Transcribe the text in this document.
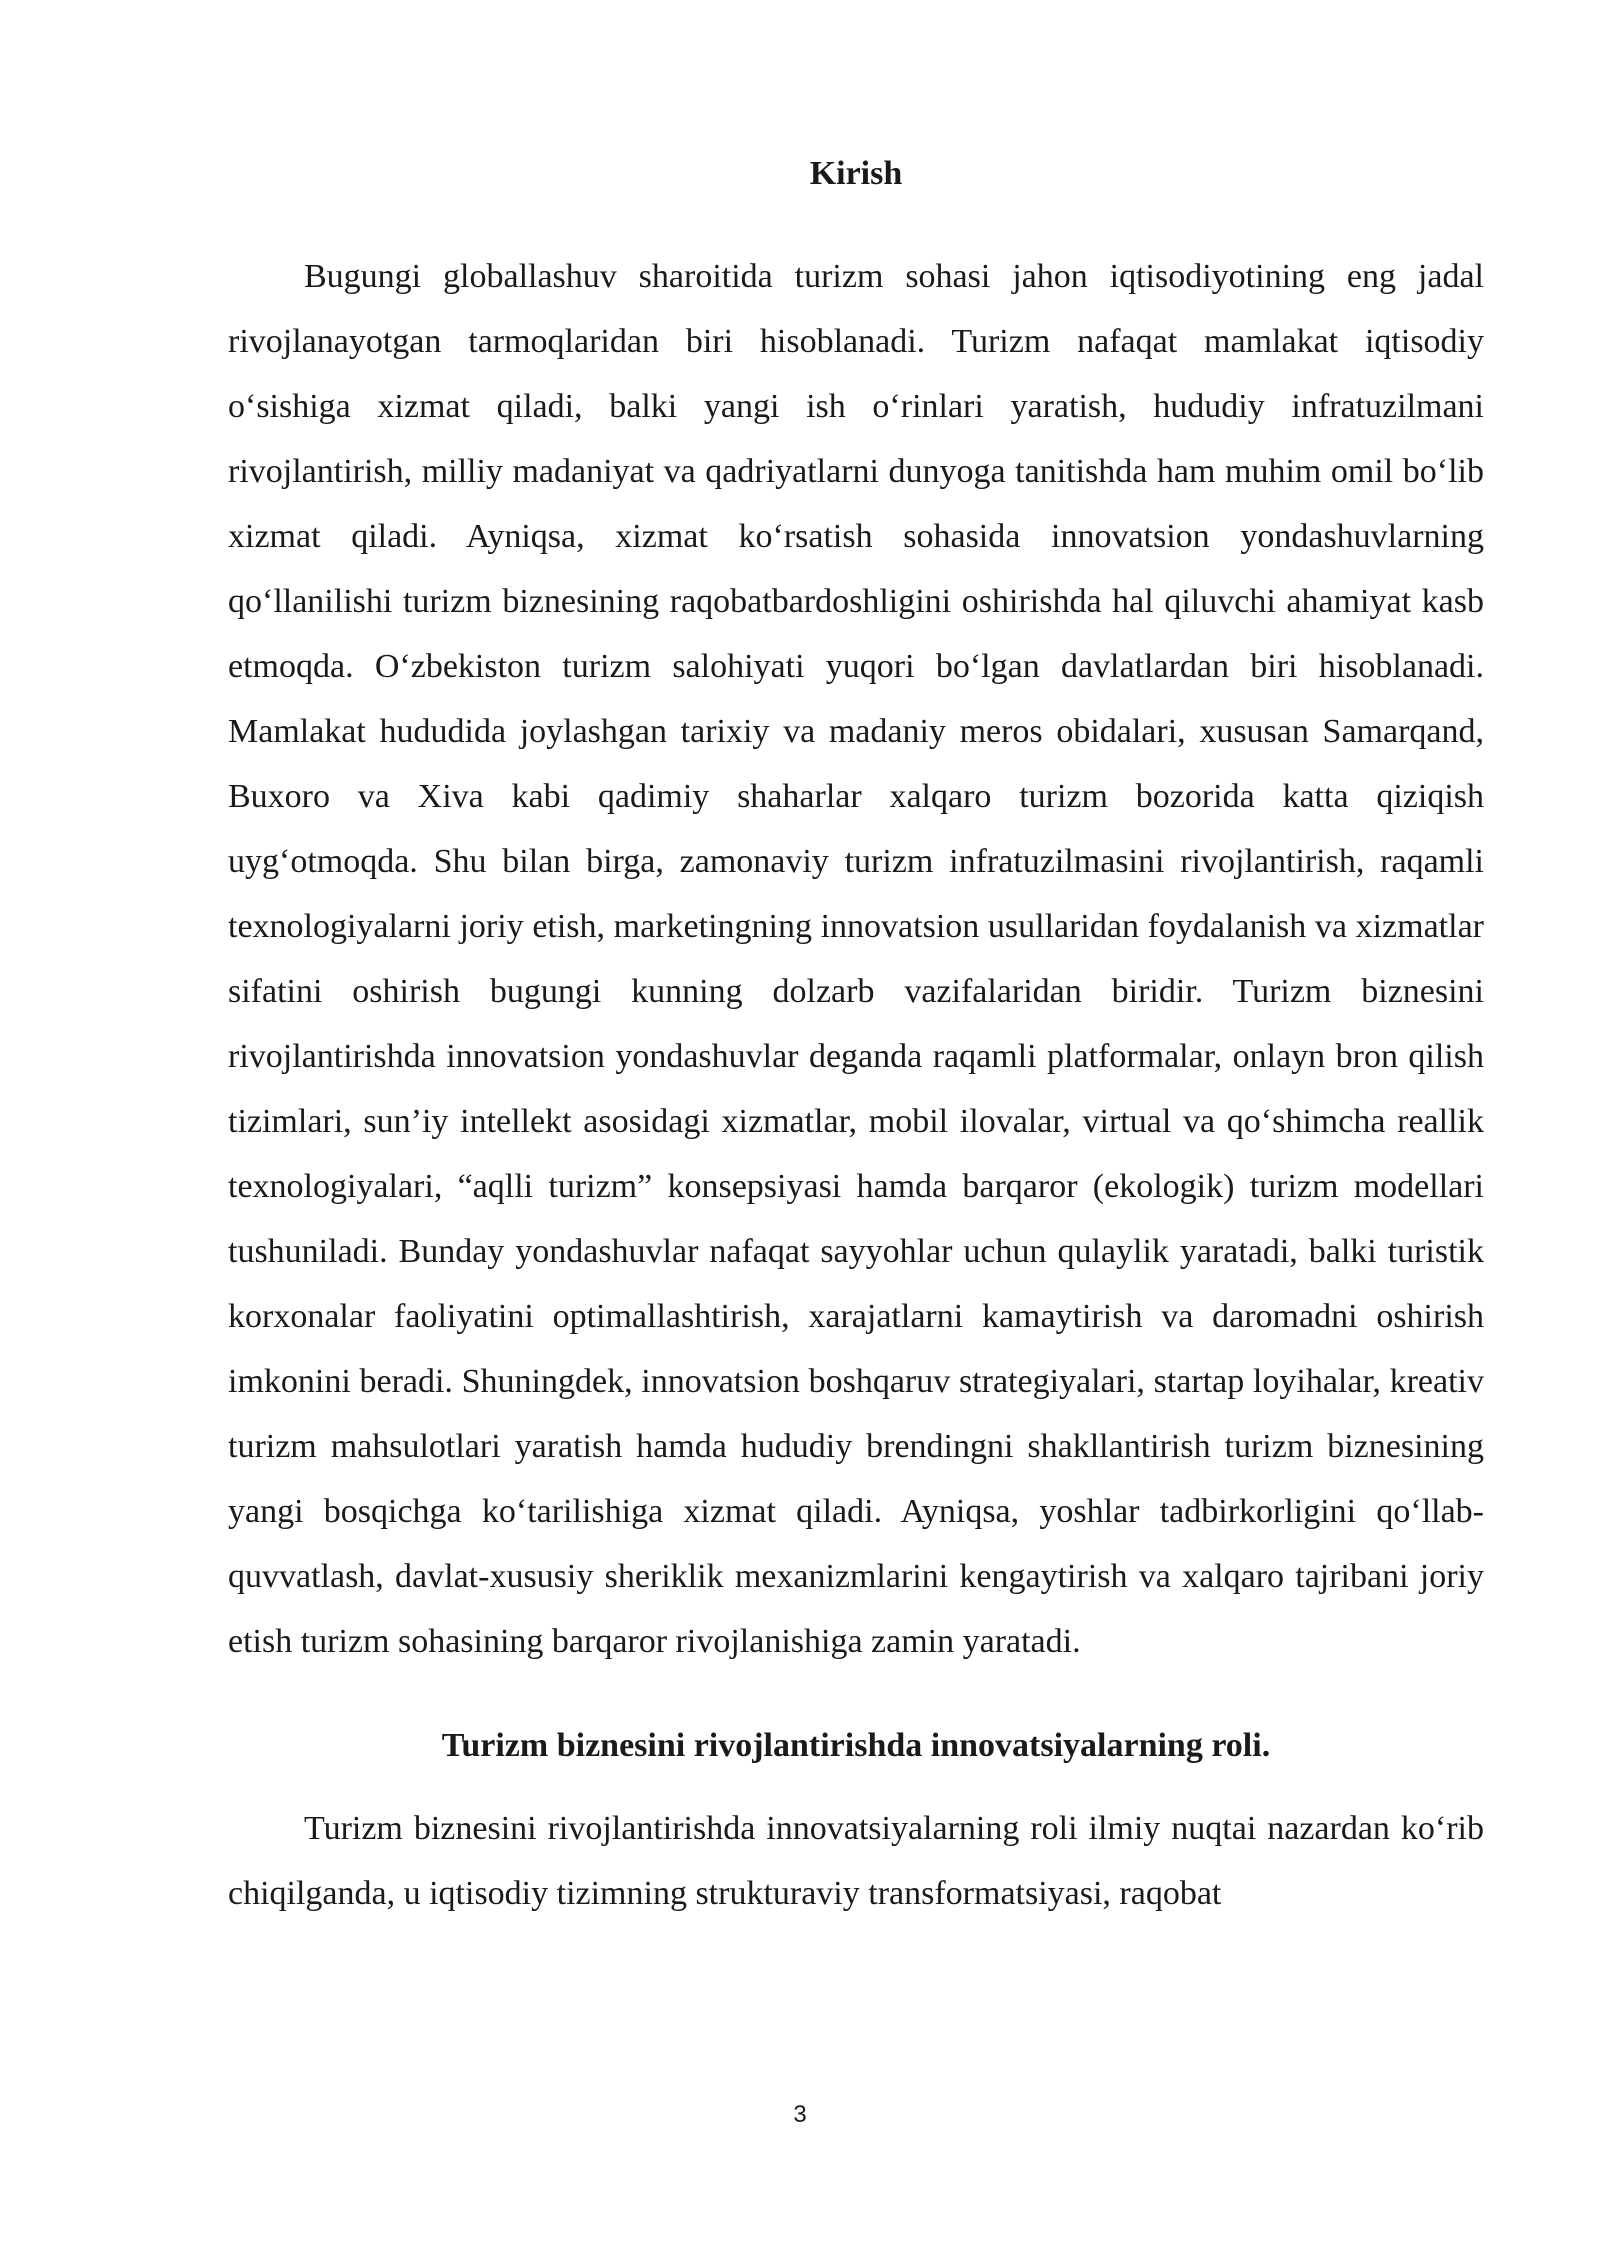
Kirish

Bugungi globallashuv sharoitida turizm sohasi jahon iqtisodiyotining eng jadal rivojlanayotgan tarmoqlaridan biri hisoblanadi. Turizm nafaqat mamlakat iqtisodiy o‘sishiga xizmat qiladi, balki yangi ish o‘rinlari yaratish, hududiy infratuzilmani rivojlantirish, milliy madaniyat va qadriyatlarni dunyoga tanitishda ham muhim omil bo‘lib xizmat qiladi. Ayniqsa, xizmat ko‘rsatish sohasida innovatsion yondashuvlarning qo‘llanilishi turizm biznesining raqobatbardoshligini oshirishda hal qiluvchi ahamiyat kasb etmoqda. O‘zbekiston turizm salohiyati yuqori bo‘lgan davlatlardan biri hisoblanadi. Mamlakat hududida joylashgan tarixiy va madaniy meros obidalari, xususan Samarqand, Buxoro va Xiva kabi qadimiy shaharlar xalqaro turizm bozorida katta qiziqish uyg‘otmoqda. Shu bilan birga, zamonaviy turizm infratuzilmasini rivojlantirish, raqamli texnologiyalarni joriy etish, marketingning innovatsion usullaridan foydalanish va xizmatlar sifatini oshirish bugungi kunning dolzarb vazifalaridan biridir. Turizm biznesini rivojlantirishda innovatsion yondashuvlar deganda raqamli platformalar, onlayn bron qilish tizimlari, sun’iy intellekt asosidagi xizmatlar, mobil ilovalar, virtual va qo‘shimcha reallik texnologiyalari, “aqlli turizm” konsepsiyasi hamda barqaror (ekologik) turizm modellari tushuniladi. Bunday yondashuvlar nafaqat sayyohlar uchun qulaylik yaratadi, balki turistik korxonalar faoliyatini optimallashtirish, xarajatlarni kamaytirish va daromadni oshirish imkonini beradi. Shuningdek, innovatsion boshqaruv strategiyalari, startap loyihalar, kreativ turizm mahsulotlari yaratish hamda hududiy brendingni shakllantirish turizm biznesining yangi bosqichga ko‘tarilishiga xizmat qiladi. Ayniqsa, yoshlar tadbirkorligini qo‘llab-quvvatlash, davlat-xususiy sheriklik mexanizmlarini kengaytirish va xalqaro tajribani joriy etish turizm sohasining barqaror rivojlanishiga zamin yaratadi.

Turizm biznesini rivojlantirishda innovatsiyalarning roli.

Turizm biznesini rivojlantirishda innovatsiyalarning roli ilmiy nuqtai nazardan ko‘rib chiqilganda, u iqtisodiy tizimning strukturaviy transformatsiyasi, raqobat

3
